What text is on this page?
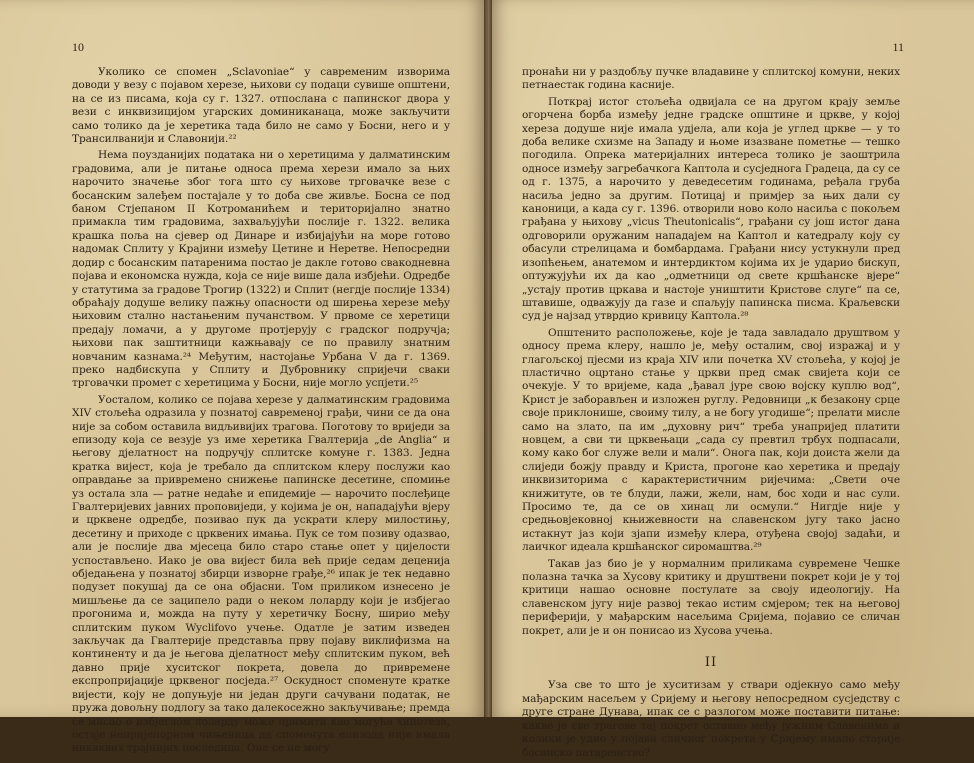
10

Уколико се спомен „Sclavoniae“ у савременим изворима доводи у везу с појавом херезе, њихови су подаци сувише општени, на се из писама, која су г. 1327. отпослана с папинског двора у вези с инквизицијом угарских доминиканаца, може закључити само толико да је херетика тада било не само у Босни, него и у Трансилванији и Славонији.²²

Нема поузданијих података ни о херетицима у далматинским градовима, али је питање односа према херези имало за њих нарочито значење због тога што су њихове трговачке везе с босанским залеђем постајале у то доба све живље. Босна се под баном Стјепаном II Котроманићем и територијално знатно примакла тим градовима, захваљујући послије г. 1322. великa крашка поља на сјевер од Динаре и избијајући на море готово надомак Сплиту у Крајини између Цетине и Неретве. Непосредни додир с босанским патаренима постао је дакле готово свакодневна појава и економска нужда, која се није више дала избјећи. Одредбе у статутима за градове Трогир (1322) и Сплит (негдје послије 1334) обраћају додуше велику пажњу опасности од ширења херезе међу њиховим стално настањеним пучанством. У првоме се херетици предају ломачи, а у другоме протјерују с градског подручја; њихови пак заштитници кажњавају се по правилу знатним новчаним казнама.²⁴ Међутим, настојање Урбана V да г. 1369. преко надбискупа у Сплиту и Дубровнику спријечи сваки трговачки промет с херетицима у Босни, није могло успјети.²⁵

Уосталом, колико се појава херезе у далматинским градовима XIV стољећа одразила у познатој савременој грађи, чини се да она није за собом оставила видљивијих трагова. Поготову то вриједи за епизоду која се везује уз име херетика Гвалтерија „de Anglia“ и његову дјелатност на подручју сплитске комуне г. 1383. Једна кратка вијест, која је требало да сплитском клеру послужи као оправдање за привремено снижење папинске десетине, спомиње уз остала зла — ратне недаће и епидемије — нарочито послеђице Гвалтеријевих јавних проповиједи, у којима је он, нападајући вјеру и црквене одредбе, позивао пук да ускрати клеру милостињу, десетину и приходе с црквених имања. Пук се том позиву одазвао, али је послије два мјесеца било старо стање опет у цијелости успостављено. Иако је ова вијест била већ прије седам деценија обједањена у познатој збирци изворне грађе,²⁶ ипак је тек недавно подузет покушај да се она објасни. Том приликом изнесено је мишљење да се заципело ради о неком лоларду који је избјегао прогонима и, можда на путу у херетичку Босну, ширио међу сплитским пуком Wyclifovo учење. Одатле је затим изведен закључак да Гвалтерије представља прву појаву виклифизма на континенту и да је његова дјелатност међу сплитским пуком, већ давно прије хуситског покрета, довела до привремене експропријације црквеног посједа.²⁷ Оскудност споменуте кратке вијести, коју не допуњује ни један други сачувани податак, не пружа довољну подлогу за тако далекосежно закључивање; премда се мисао о избјеглом лоларду може примити као могућа хипотеза, остаје непријепорном чињеница да споменута епизода није имала никаквих трајнијих послeдица. Оне се не могу

11

пронаћи ни у раздобљу пучке владавине у сплитској комуни, неких петнаестак година касније.

Поткрај истог стољећа одвијала се на другом крају земље огорчена борба између једне градске општине и цркве, у којој хереза додуше није имала удјела, али која је углед цркве — у то доба велике схизме на Западу и њоме изазване пометње — тешко погодила. Опрека материјалних интереса толико је заоштрила односе између загребачкога Каптола и сусједнога Градеца, да су се од г. 1375, а нарочито у деведесетим годинама, ређала груба насиља једно за другим. Потицај и примјер за њих дали су каноници, а када су г. 1396. отворили ново коло насиља с покољем грађана у њихову „vicus Theutonicalis“, грађани су још истог дана одговорили оружаним нападајем на Каптол и катедралу коју су обасули стрелицама и бомбардама. Грађани нису устукнули пред изопћењем, анатемом и интердиктом којима их је ударио бискуп, оптужујући их да као „одметници од свете кршћанске вјере“ „устају против цркава и настоје уништити Кристове слуге“ па се, штавише, одважују да газе и спаљују папинска писма. Краљевски суд је најзад утврдио кривицу Каптола.²⁸

Општенито расположење, које је тада завладало друштвом у односу према клеру, нашло је, међу осталим, свој изражај и у глагољској пјесми из краја XIV или почетка XV стољећа, у којој је пластично оцртано стање у цркви пред смак свијета који се очекује. У то вријеме, када „ђавал јуре свою војску куплю вод“, Крист је заборављен и изложен руглу. Редовници „к безакону срце своје приклонише, своиму тилу, а не богу угодише“; прелати мисле само на злато, па им „духовну рич“ треба унапријед платити новцем, а сви ти црквењаци „сада су превтил трбух подпасали, кому како бог служе вели и мали“. Онога пак, који доиста жели да слиједи божју правду и Криста, прогоне као херетика и предају инквизиторима с карактеристичним ријечима: „Свети оче книжитуте, ов те блуди, лажи, жели, нам, бос ходи и нас сули. Просимо те, да се ов хинац ли осмули.“ Нигдје није у средњовјековној књижевности на славенском југу тако јасно истакнут јаз који зјапи између клера, отуђена својој задаћи, и лаичког идеала кршћанског сиромаштва.²⁹

Такав јаз био је у нормалним приликама сувремене Чешке полазна тачка за Хусову критику и друштвени покрет који је у тој критици нашао основне постулате за своју идеологију. На славенском југу није развој текао истим смјером; тек на његовој периферији, у мађарским насељима Сријема, појавио се сличан покрет, али је и он понисао из Хусова учења.

II

Уза све то што је хуситизам у ствари одјекнуо само међу мађарским насељем у Сријему и његову непосредном сусједству с друге стране Дунава, ипак се с разлогом може поставити питање: какве је све трагове тај покрет оставио међу јужним Славенима и колики је удио у појави сличног покрета у Сријему имало старије босанско патаренство?
